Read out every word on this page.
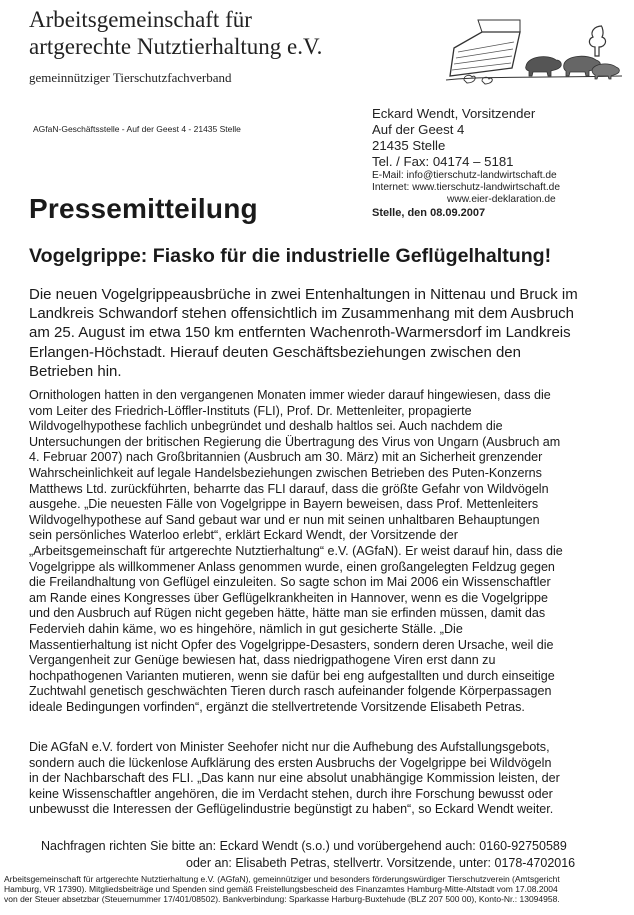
Arbeitsgemeinschaft für
artgerechte Nutztierhaltung e.V.
gemeinnütziger Tierschutzfachverband
AGfaN-Geschäftsstelle - Auf der Geest 4 - 21435 Stelle
Eckard Wendt, Vorsitzender
Auf der Geest 4
21435 Stelle
Tel. / Fax: 04174 – 5181
E-Mail: info@tierschutz-landwirtschaft.de
Internet: www.tierschutz-landwirtschaft.de
www.eier-deklaration.de
Stelle, den 08.09.2007
Pressemitteilung
Vogelgrippe: Fiasko für die industrielle Geflügelhaltung!
Die neuen Vogelgrippeausbrüche in zwei Entenhaltungen in Nittenau und Bruck im
Landkreis Schwandorf stehen offensichtlich im Zusammenhang mit dem Ausbruch
am 25. August im etwa 150 km entfernten Wachenroth-Warmersdorf im Landkreis
Erlangen-Höchstadt. Hierauf deuten Geschäftsbeziehungen zwischen den
Betrieben hin.
Ornithologen hatten in den vergangenen Monaten immer wieder darauf hingewiesen, dass die
vom Leiter des Friedrich-Löffler-Instituts (FLI), Prof. Dr. Mettenleiter, propagierte
Wildvogelhypothese fachlich unbegründet und deshalb haltlos sei. Auch nachdem die
Untersuchungen der britischen Regierung die Übertragung des Virus von Ungarn (Ausbruch am
4. Februar 2007) nach Großbritannien (Ausbruch am 30. März) mit an Sicherheit grenzender
Wahrscheinlichkeit auf legale Handelsbeziehungen zwischen Betrieben des Puten-Konzerns
Matthews Ltd. zurückführten, beharrte das FLI darauf, dass die größte Gefahr von Wildvögeln
ausgehe. „Die neuesten Fälle von Vogelgrippe in Bayern beweisen, dass Prof. Mettenleiters
Wildvogelhypothese auf Sand gebaut war und er nun mit seinen unhaltbaren Behauptungen
sein persönliches Waterloo erlebt“, erklärt Eckard Wendt, der Vorsitzende der
„Arbeitsgemeinschaft für artgerechte Nutztierhaltung“ e.V. (AGfaN). Er weist darauf hin, dass die
Vogelgrippe als willkommener Anlass genommen wurde, einen großangelegten Feldzug gegen
die Freilandhaltung von Geflügel einzuleiten. So sagte schon im Mai 2006 ein Wissenschaftler
am Rande eines Kongresses über Geflügelkrankheiten in Hannover, wenn es die Vogelgrippe
und den Ausbruch auf Rügen nicht gegeben hätte, hätte man sie erfinden müssen, damit das
Federvieh dahin käme, wo es hingehöre, nämlich in gut gesicherte Ställe. „Die
Massentierhaltung ist nicht Opfer des Vogelgrippe-Desasters, sondern deren Ursache, weil die
Vergangenheit zur Genüge bewiesen hat, dass niedrigpathogene Viren erst dann zu
hochpathogenen Varianten mutieren, wenn sie dafür bei eng aufgestallten und durch einseitige
Zuchtwahl genetisch geschwächten Tieren durch rasch aufeinander folgende Körperpassagen
ideale Bedingungen vorfinden“, ergänzt die stellvertretende Vorsitzende Elisabeth Petras.
Die AGfaN e.V. fordert von Minister Seehofer nicht nur die Aufhebung des Aufstallungsgebots,
sondern auch die lückenlose Aufklärung des ersten Ausbruchs der Vogelgrippe bei Wildvögeln
in der Nachbarschaft des FLI. „Das kann nur eine absolut unabhängige Kommission leisten, der
keine Wissenschaftler angehören, die im Verdacht stehen, durch ihre Forschung bewusst oder
unbewusst die Interessen der Geflügelindustrie begünstigt zu haben“, so Eckard Wendt weiter.
Nachfragen richten Sie bitte an: Eckard Wendt (s.o.) und vorübergehend auch: 0160-92750589
oder an: Elisabeth Petras, stellvertr. Vorsitzende, unter: 0178-4702016
Arbeitsgemeinschaft für artgerechte Nutztierhaltung e.V. (AGfaN), gemeinnütziger und besonders förderungswürdiger Tierschutzverein (Amtsgericht
Hamburg, VR 17390). Mitgliedsbeiträge und Spenden sind gemäß Freistellungsbescheid des Finanzamtes Hamburg-Mitte-Altstadt vom 17.08.2004
von der Steuer absetzbar (Steuernummer 17/401/08502). Bankverbindung: Sparkasse Harburg-Buxtehude (BLZ 207 500 00), Konto-Nr.: 13094958.
